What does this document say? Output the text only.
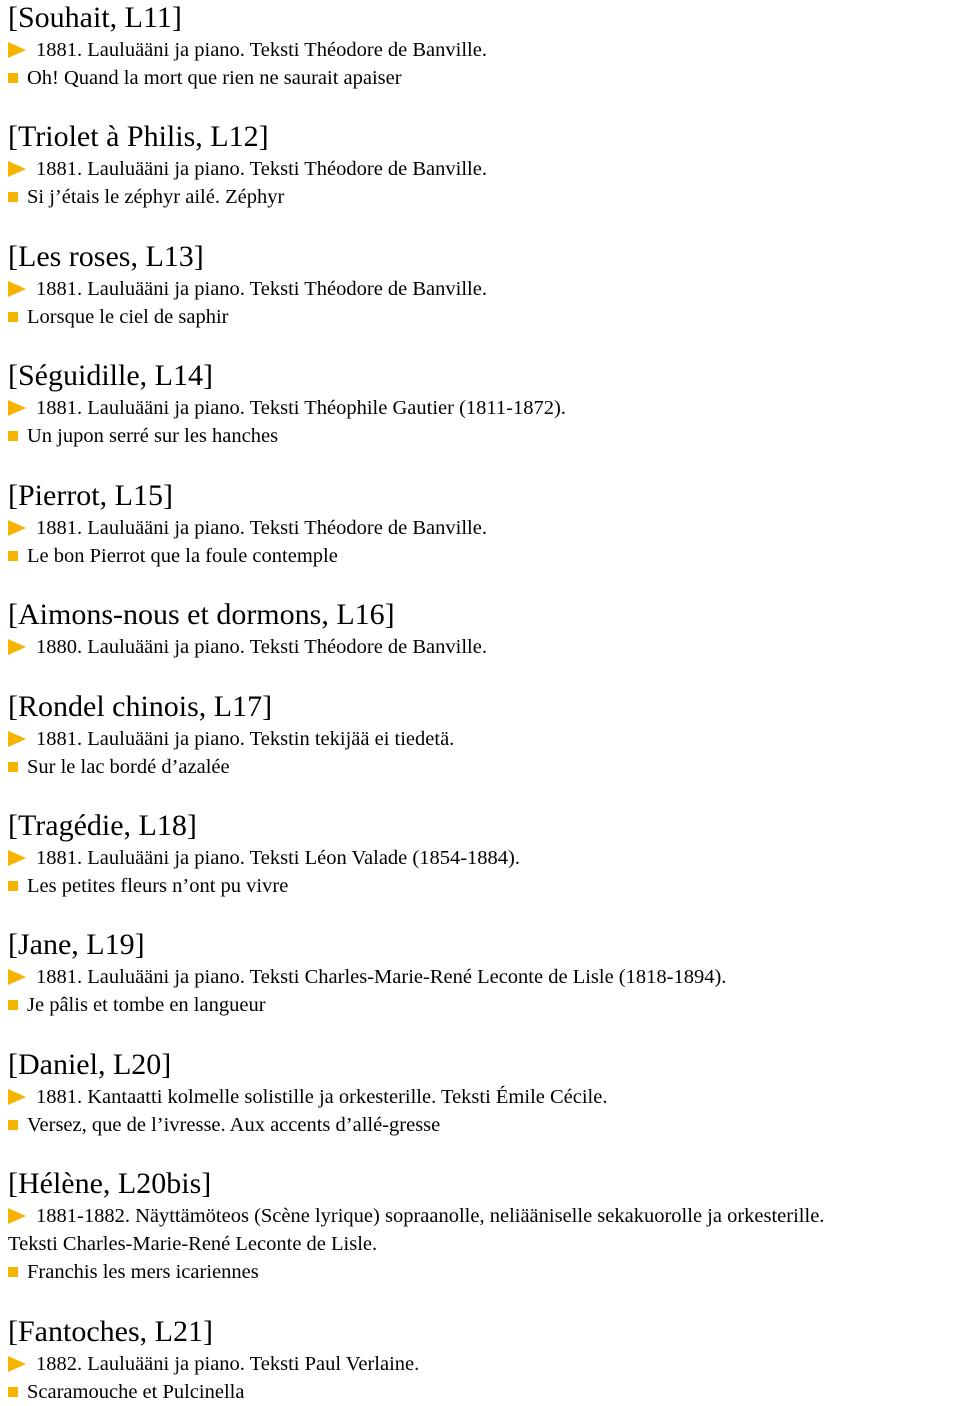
[Souhait, L11]
1881. Lauluääni ja piano. Teksti Théodore de Banville.
Oh! Quand la mort que rien ne saurait apaiser
[Triolet à Philis, L12]
1881. Lauluääni ja piano. Teksti Théodore de Banville.
Si j’étais le zéphyr ailé. Zéphyr
[Les roses, L13]
1881. Lauluääni ja piano. Teksti Théodore de Banville.
Lorsque le ciel de saphir
[Séguidille, L14]
1881. Lauluääni ja piano. Teksti Théophile Gautier (1811-1872).
Un jupon serré sur les hanches
[Pierrot, L15]
1881. Lauluääni ja piano. Teksti Théodore de Banville.
Le bon Pierrot que la foule contemple
[Aimons-nous et dormons, L16]
1880. Lauluääni ja piano. Teksti Théodore de Banville.
[Rondel chinois, L17]
1881. Lauluääni ja piano. Tekstin tekijää ei tiedetä.
Sur le lac bordé d’azalée
[Tragédie, L18]
1881. Lauluääni ja piano. Teksti Léon Valade (1854-1884).
Les petites fleurs n’ont pu vivre
[Jane, L19]
1881. Lauluääni ja piano. Teksti Charles-Marie-René Leconte de Lisle (1818-1894).
Je pâlis et tombe en langueur
[Daniel, L20]
1881. Kantaatti kolmelle solistille ja orkesterille. Teksti Émile Cécile.
Versez, que de l’ivresse. Aux accents d’allé-gresse
[Hélène, L20bis]
1881-1882. Näyttämöteos (Scène lyrique) sopraanolle, neliääniselle sekakuorolle ja orkesterille.
Teksti Charles-Marie-René Leconte de Lisle.
Franchis les mers icariennes
[Fantoches, L21]
1882. Lauluääni ja piano. Teksti Paul Verlaine.
Scaramouche et Pulcinella
